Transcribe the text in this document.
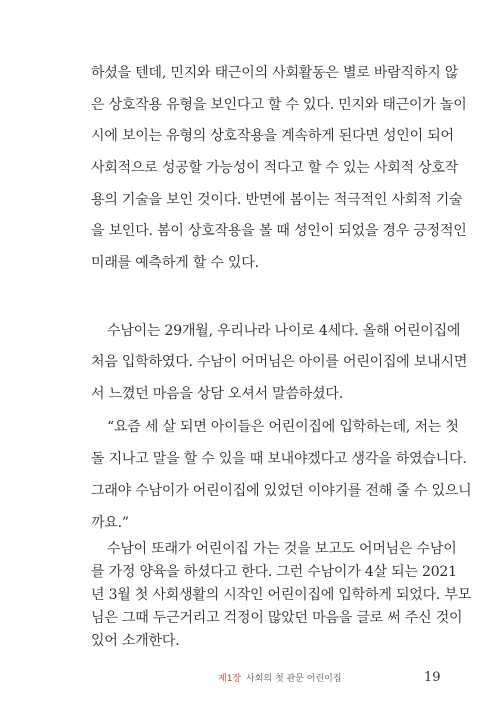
하셨을 텐데, 민지와 태근이의 사회활동은 별로 바람직하지 않
은 상호작용 유형을 보인다고 할 수 있다. 민지와 태근이가 놀이
시에 보이는 유형의 상호작용을 계속하게 된다면 성인이 되어
사회적으로 성공할 가능성이 적다고 할 수 있는 사회적 상호작
용의 기술을 보인 것이다. 반면에 봄이는 적극적인 사회적 기술
을 보인다. 봄이 상호작용을 볼 때 성인이 되었을 경우 긍정적인
미래를 예측하게 할 수 있다.
수남이는 29개월, 우리나라 나이로 4세다. 올해 어린이집에
처음 입학하였다. 수남이 어머님은 아이를 어린이집에 보내시면
서 느꼈던 마음을 상담 오셔서 말씀하셨다.
“요즘 세 살 되면 아이들은 어린이집에 입학하는데, 저는 첫
돌 지나고 말을 할 수 있을 때 보내야겠다고 생각을 하였습니다.
그래야 수남이가 어린이집에 있었던 이야기를 전해 줄 수 있으니
까요.”
수남이 또래가 어린이집 가는 것을 보고도 어머님은 수남이
를 가정 양육을 하셨다고 한다. 그런 수남이가 4살 되는 2021
년 3월 첫 사회생활의 시작인 어린이집에 입학하게 되었다. 부모
제1장 사회의 첫 관문 어린이집	19
님은 그때 두근거리고 걱정이 많았던 마음을 글로 써 주신 것이
있어 소개한다.
